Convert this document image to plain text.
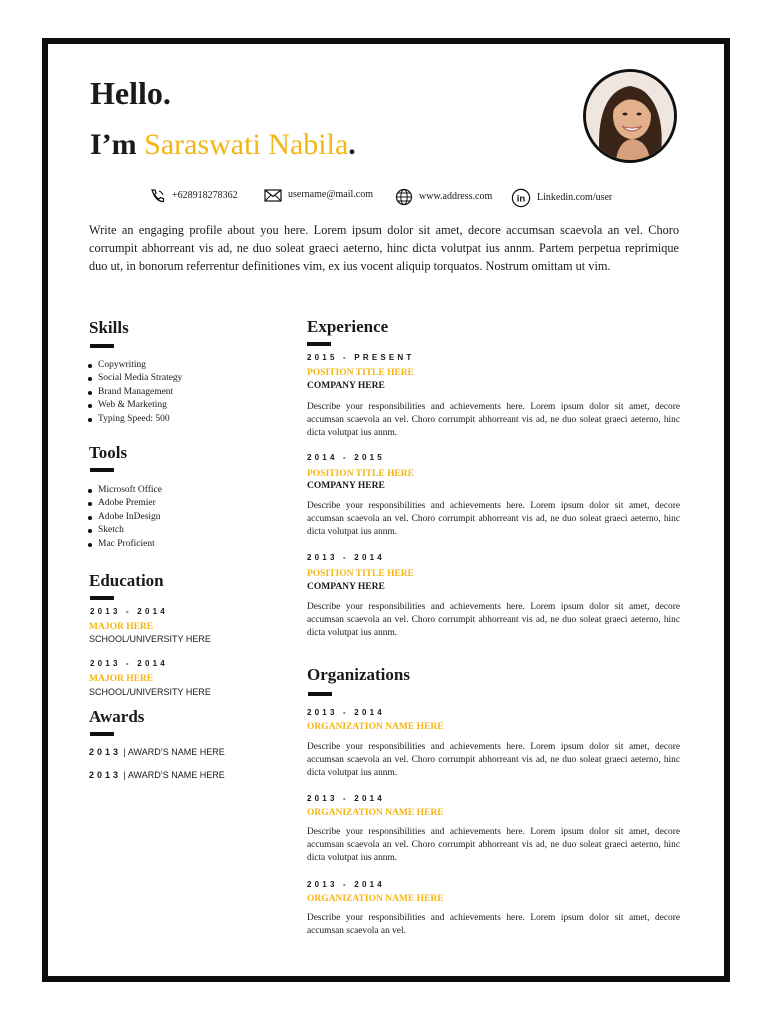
Hello.
I’m Saraswati Nabila.
+628918278362	username@mail.com	www.address.com	in Linkedin.com/user
Write an engaging profile about you here. Lorem ipsum dolor sit amet, decore accumsan scaevola an vel. Choro corrumpit abhorreant vis ad, ne duo soleat graeci aeterno, hinc dicta volutpat ius annm. Partem perpetua reprimique duo ut, in bonorum referrentur definitiones vim, ex ius vocent aliquip torquatos. Nostrum omittam ut vim.
Skills
Copywriting
Social Media Strategy
Brand Management
Web & Marketing
Typing Speed: 500
Tools
Microsoft Office
Adobe Premier
Adobe InDesign
Sketch
Mac Proficient
Education
2013 - 2014
MAJOR HERE
SCHOOL/UNIVERSITY HERE
2013 - 2014
MAJOR HERE
SCHOOL/UNIVERSITY HERE
Awards
2013 | AWARD’S NAME HERE
2013 | AWARD’S NAME HERE
Experience
2015 - PRESENT
POSITION TITLE HERE
COMPANY HERE
Describe your responsibilities and achievements here. Lorem ipsum dolor sit amet, decore accumsan scaevola an vel. Choro corrumpit abhorreant vis ad, ne duo soleat graeci aeterno, hinc dicta volutpat ius annm.
2014 - 2015
POSITION TITLE HERE
COMPANY HERE
Describe your responsibilities and achievements here. Lorem ipsum dolor sit amet, decore accumsan scaevola an vel. Choro corrumpit abhorreant vis ad, ne duo soleat graeci aeterno, hinc dicta volutpat ius annm.
2013 - 2014
POSITION TITLE HERE
COMPANY HERE
Describe your responsibilities and achievements here. Lorem ipsum dolor sit amet, decore accumsan scaevola an vel. Choro corrumpit abhorreant vis ad, ne duo soleat graeci aeterno, hinc dicta volutpat ius annm.
Organizations
2013 - 2014
ORGANIZATION NAME HERE
Describe your responsibilities and achievements here. Lorem ipsum dolor sit amet, decore accumsan scaevola an vel. Choro corrumpit abhorreant vis ad, ne duo soleat graeci aeterno, hinc dicta volutpat ius annm.
2013 - 2014
ORGANIZATION NAME HERE
Describe your responsibilities and achievements here. Lorem ipsum dolor sit amet, decore accumsan scaevola an vel. Choro corrumpit abhorreant vis ad, ne duo soleat graeci aeterno, hinc dicta volutpat ius annm.
2013 - 2014
ORGANIZATION NAME HERE
Describe your responsibilities and achievements here. Lorem ipsum dolor sit amet, decore accumsan scaevola an vel.
